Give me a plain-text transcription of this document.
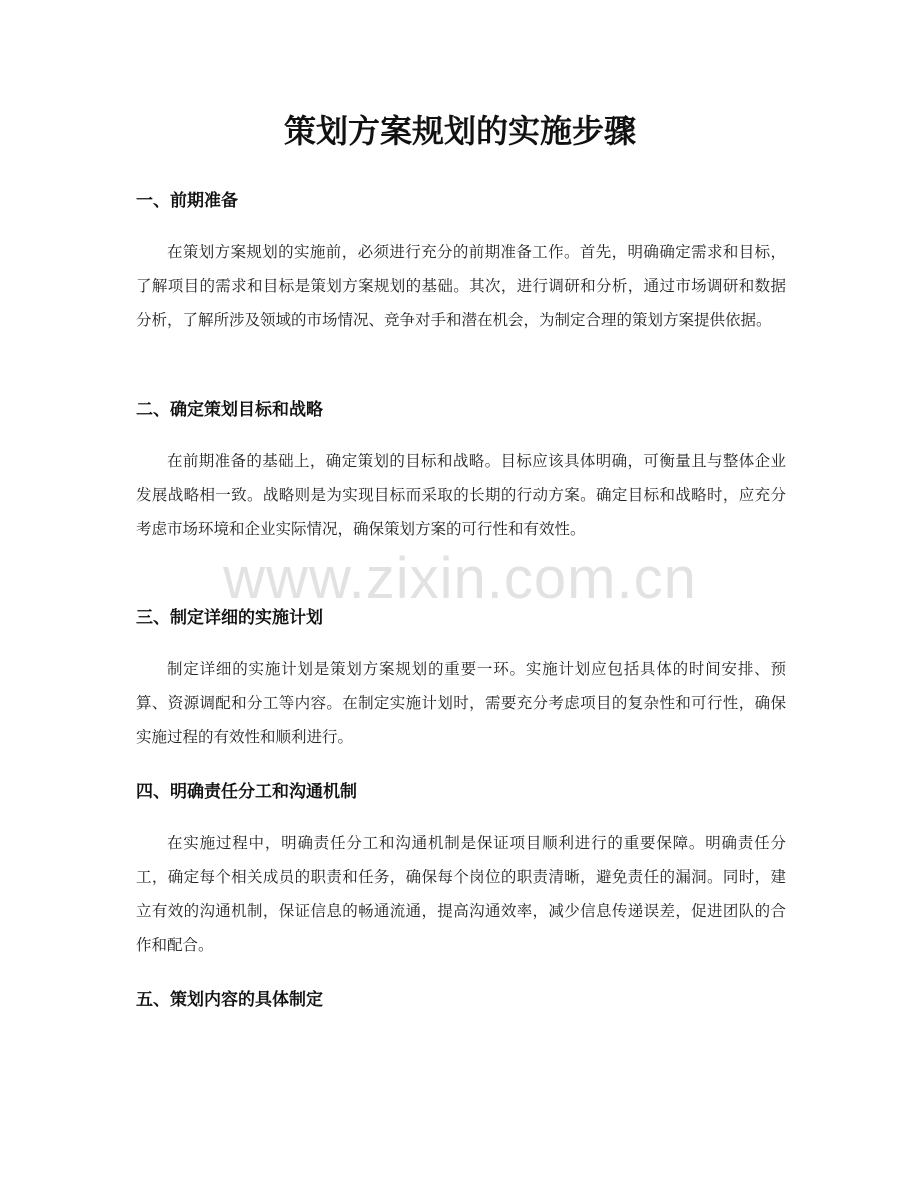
策划方案规划的实施步骤
一、前期准备

在策划方案规划的实施前，必须进行充分的前期准备工作。首先，明确确定需求和目标，了解项目的需求和目标是策划方案规划的基础。其次，进行调研和分析，通过市场调研和数据分析，了解所涉及领域的市场情况、竞争对手和潜在机会，为制定合理的策划方案提供依据。

二、确定策划目标和战略

在前期准备的基础上，确定策划的目标和战略。目标应该具体明确，可衡量且与整体企业发展战略相一致。战略则是为实现目标而采取的长期的行动方案。确定目标和战略时，应充分考虑市场环境和企业实际情况，确保策划方案的可行性和有效性。

三、制定详细的实施计划

制定详细的实施计划是策划方案规划的重要一环。实施计划应包括具体的时间安排、预算、资源调配和分工等内容。在制定实施计划时，需要充分考虑项目的复杂性和可行性，确保实施过程的有效性和顺利进行。

四、明确责任分工和沟通机制

在实施过程中，明确责任分工和沟通机制是保证项目顺利进行的重要保障。明确责任分工，确定每个相关成员的职责和任务，确保每个岗位的职责清晰，避免责任的漏洞。同时，建立有效的沟通机制，保证信息的畅通流通，提高沟通效率，减少信息传递误差，促进团队的合作和配合。

五、策划内容的具体制定
www.zixin.com.cn
